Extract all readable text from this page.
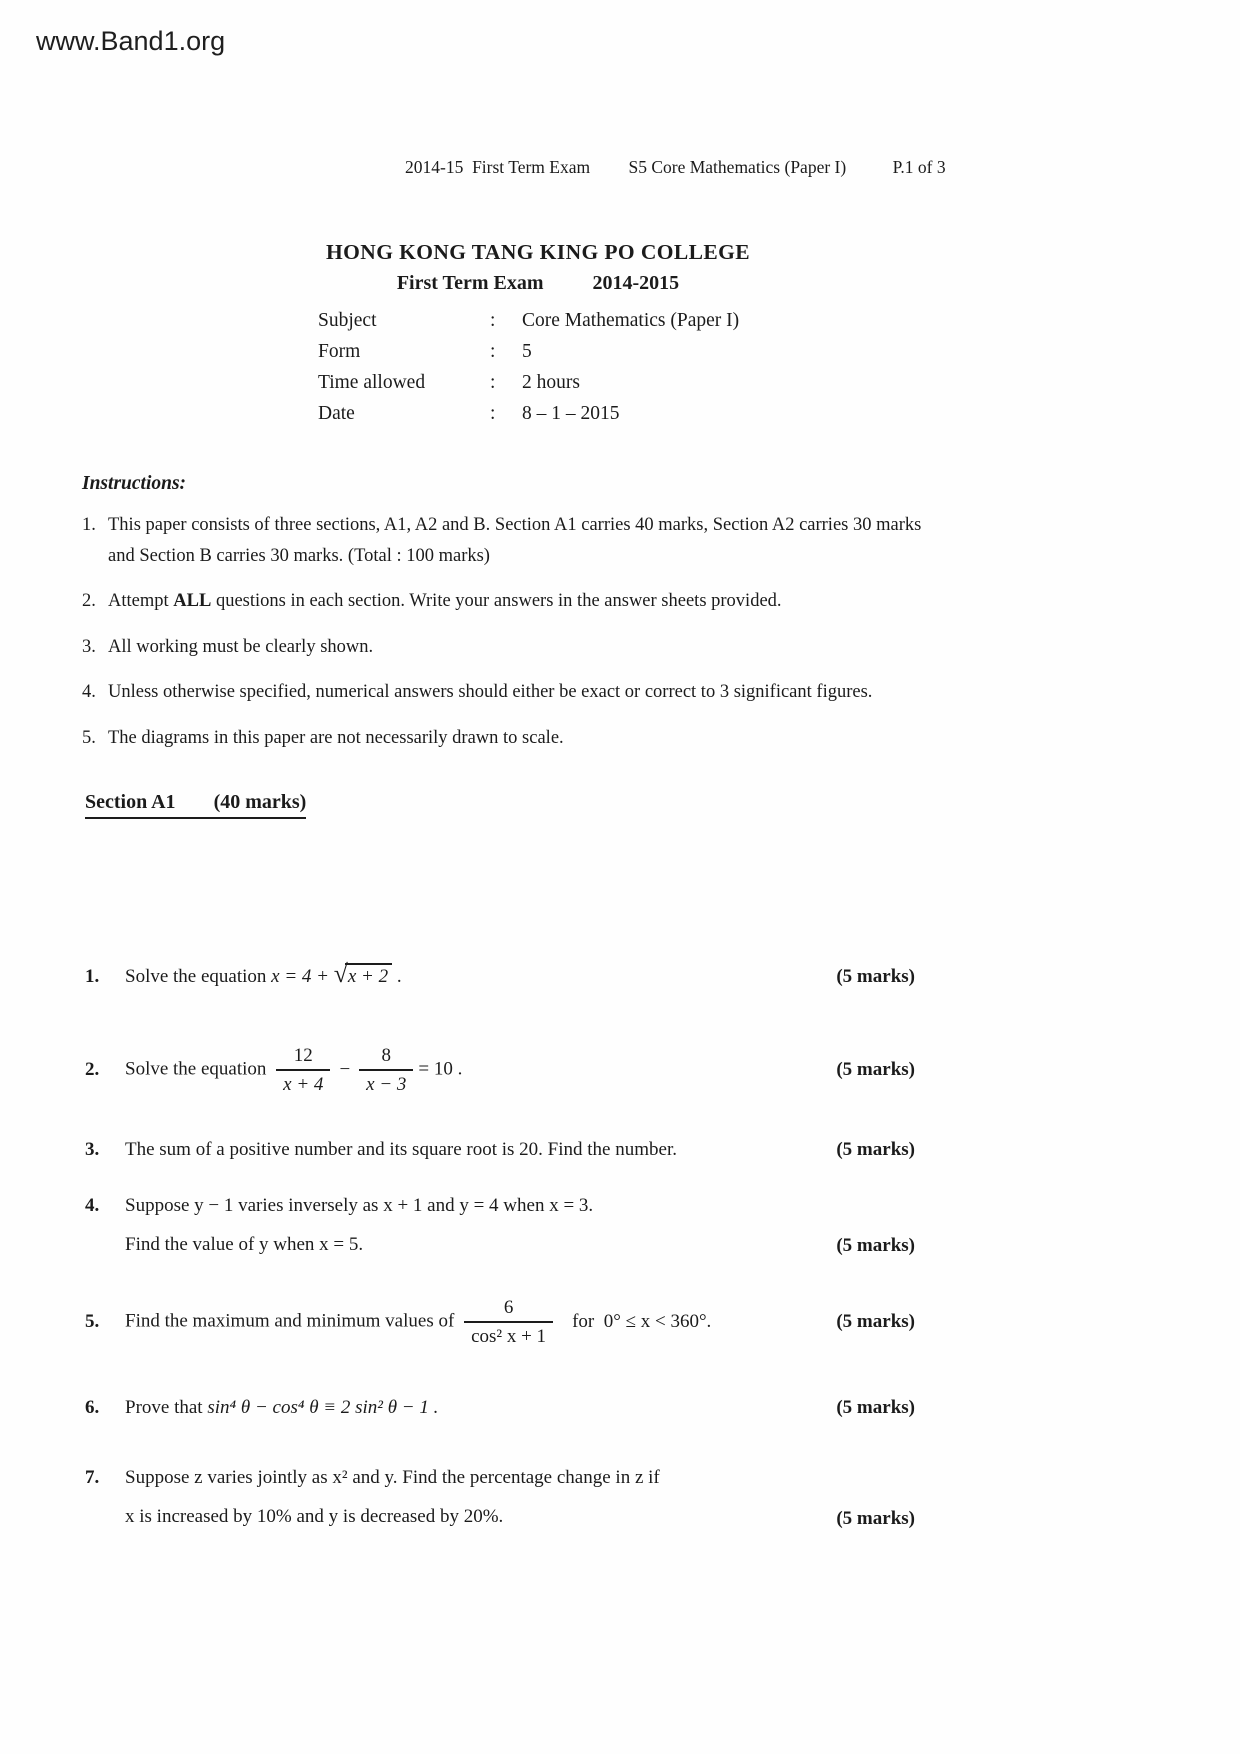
www.Band1.org
2014-15  First Term Exam S5 Core Mathematics (Paper I)	P.1 of 3
HONG KONG TANG KING PO COLLEGE
First Term Exam 2014-2015
Subject	:	Core Mathematics (Paper I)
Form	:	5
Time allowed	:	2 hours
Date	:	8 – 1 – 2015
Instructions:
1. This paper consists of three sections, A1, A2 and B. Section A1 carries 40 marks, Section A2 carries 30 marks
and Section B carries 30 marks. (Total : 100 marks)
2. Attempt ALL questions in each section. Write your answers in the answer sheets provided.
3. All working must be clearly shown.
4. Unless otherwise specified, numerical answers should either be exact or correct to 3 significant figures.
5. The diagrams in this paper are not necessarily drawn to scale.
Section A1 (40 marks)
1.	Solve the equation x = 4 + √x + 2 .	(5 marks)
2.	Solve the equation $\frac{12}{x + 4} - \frac{8}{x - 3} = 10$ .	(5 marks)
3.	The sum of a positive number and its square root is 20. Find the number.	(5 marks)
4.	Suppose y − 1 varies inversely as x + 1 and y = 4 when x = 3.
Find the value of y when x = 5.	(5 marks)
5.	Find the maximum and minimum values of $\frac{6}{\text{cos² x + 1}}$ for  0° ≤ x < 360°.	(5 marks)
6.	Prove that sin⁴ θ − cos⁴ θ ≡ 2 sin² θ − 1 .	(5 marks)
7.	Suppose z varies jointly as x² and y. Find the percentage change in z if
x is increased by 10% and y is decreased by 20%.	(5 marks)
